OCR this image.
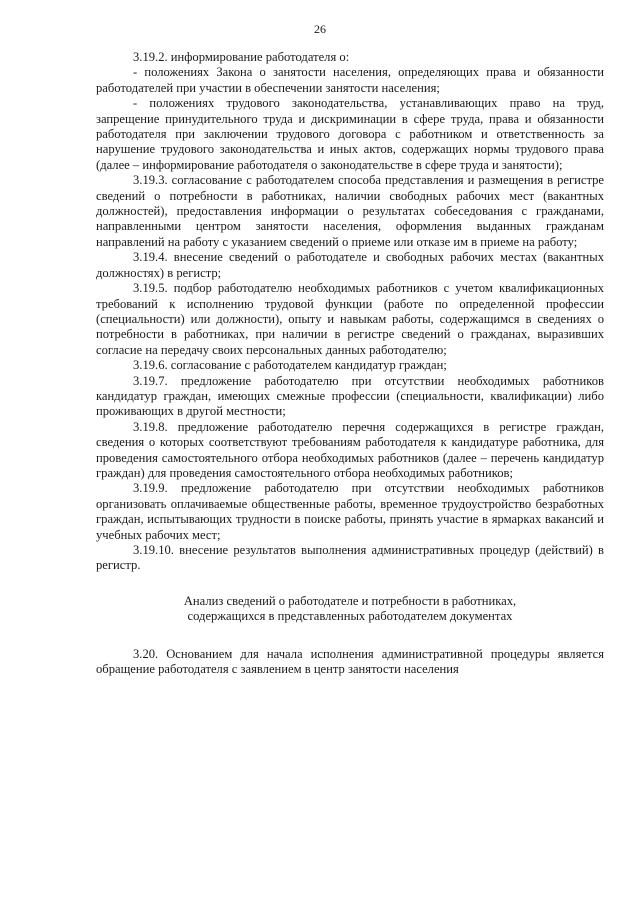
26

3.19.2. информирование работодателя о:

- положениях Закона о занятости населения, определяющих права и обязанности работодателей при участии в обеспечении занятости населения;

- положениях трудового законодательства, устанавливающих право на труд, запрещение принудительного труда и дискриминации в сфере труда, права и обязанности работодателя при заключении трудового договора с работником и ответственность за нарушение трудового законодательства и иных актов, содержащих нормы трудового права (далее – информирование работодателя о законодательстве в сфере труда и занятости);

3.19.3. согласование с работодателем способа представления и размещения в регистре сведений о потребности в работниках, наличии свободных рабочих мест (вакантных должностей), предоставления информации о результатах собеседования с гражданами, направленными центром занятости населения, оформления выданных гражданам направлений на работу с указанием сведений о приеме или отказе им в приеме на работу;

3.19.4. внесение сведений о работодателе и свободных рабочих местах (вакантных должностях) в регистр;

3.19.5. подбор работодателю необходимых работников с учетом квалификационных требований к исполнению трудовой функции (работе по определенной профессии (специальности) или должности), опыту и навыкам работы, содержащимся в сведениях о потребности в работниках, при наличии в регистре сведений о гражданах, выразивших согласие на передачу своих персональных данных работодателю;

3.19.6. согласование с работодателем кандидатур граждан;

3.19.7. предложение работодателю при отсутствии необходимых работников кандидатур граждан, имеющих смежные профессии (специальности, квалификации) либо проживающих в другой местности;

3.19.8. предложение работодателю перечня содержащихся в регистре граждан, сведения о которых соответствуют требованиям работодателя к кандидатуре работника, для проведения самостоятельного отбора необходимых работников (далее – перечень кандидатур граждан) для проведения самостоятельного отбора необходимых работников;

3.19.9. предложение работодателю при отсутствии необходимых работников организовать оплачиваемые общественные работы, временное трудоустройство безработных граждан, испытывающих трудности в поиске работы, принять участие в ярмарках вакансий и учебных рабочих мест;

3.19.10. внесение результатов выполнения административных процедур (действий) в регистр.

Анализ сведений о работодателе и потребности в работниках,
содержащихся в представленных работодателем документах

3.20. Основанием для начала исполнения административной процедуры является обращение работодателя с заявлением в центр занятости населения
